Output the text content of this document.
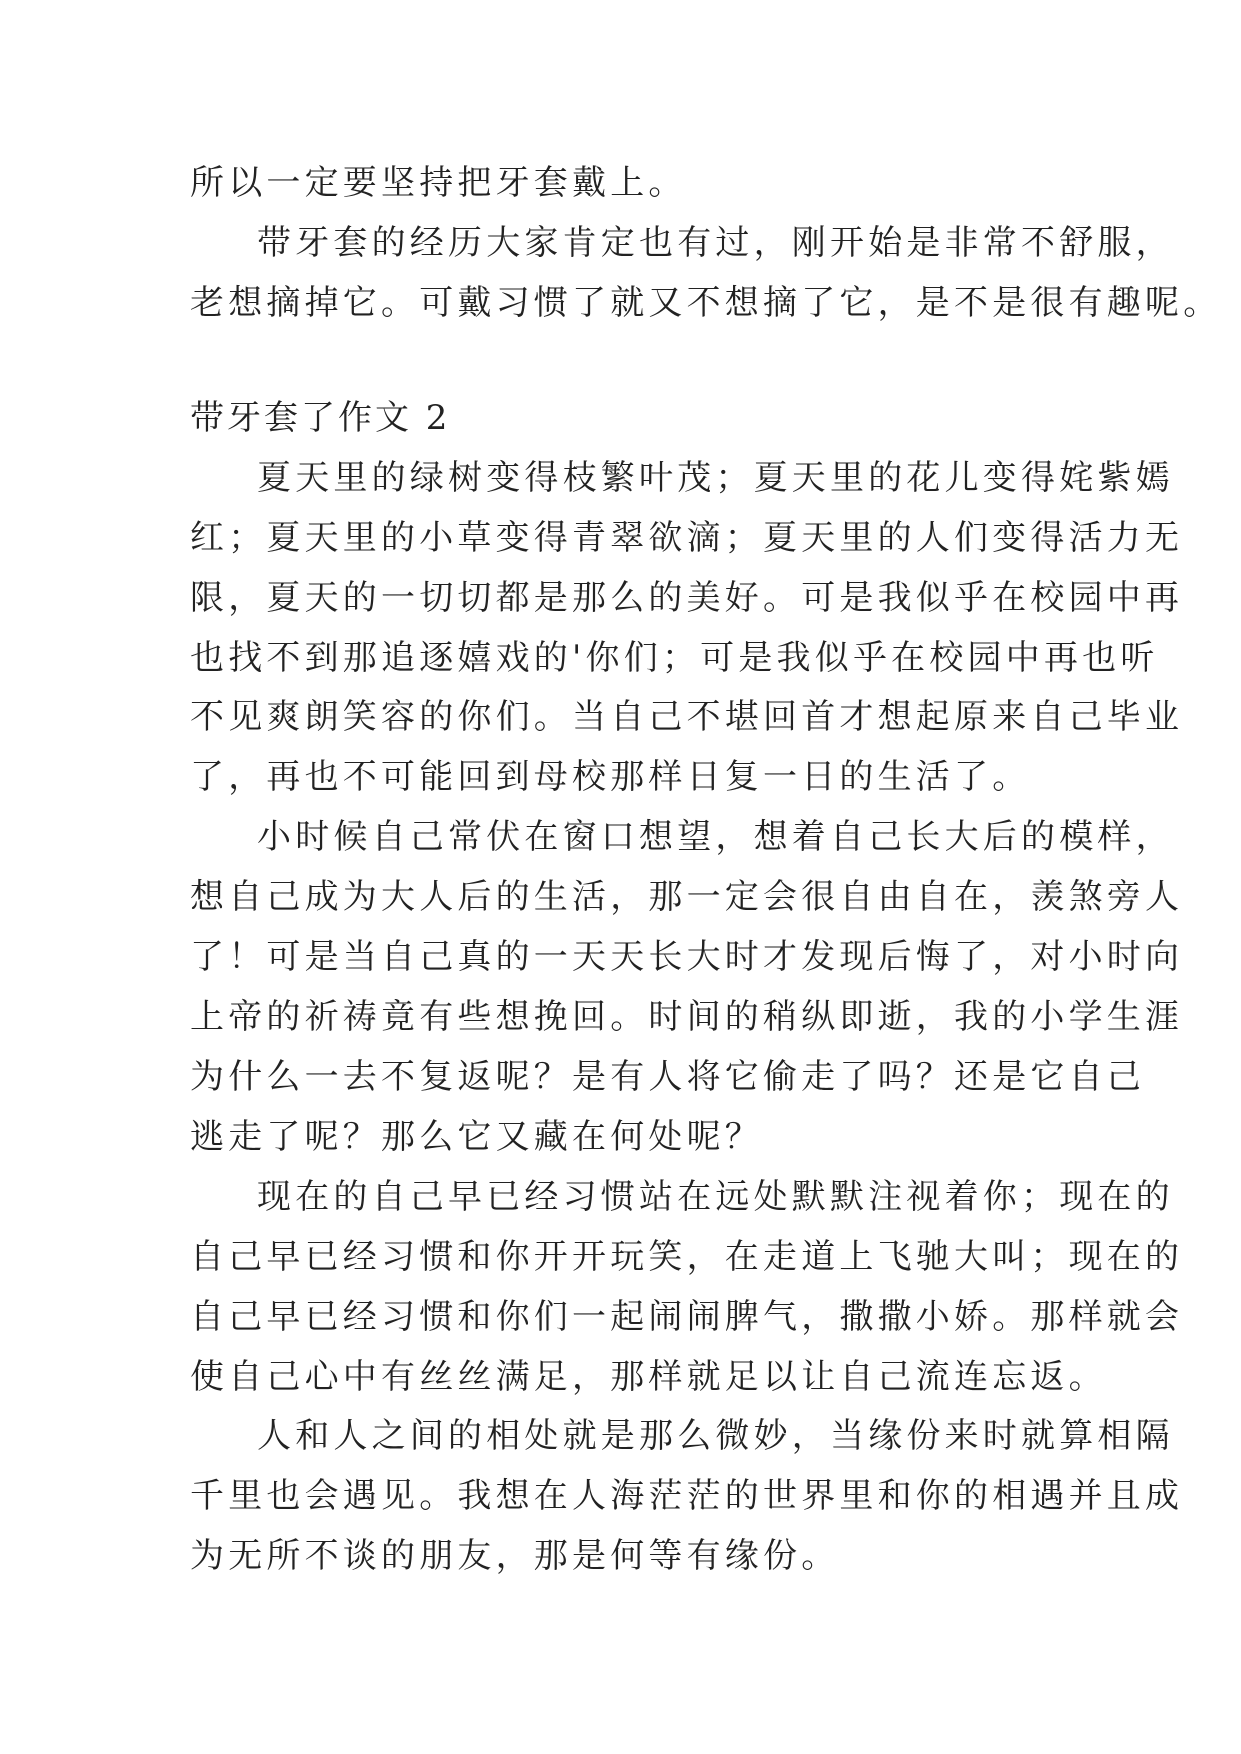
所以一定要坚持把牙套戴上。
带牙套的经历大家肯定也有过，刚开始是非常不舒服，
老想摘掉它。可戴习惯了就又不想摘了它，是不是很有趣呢。
带牙套了作文 2
夏天里的绿树变得枝繁叶茂；夏天里的花儿变得姹紫嫣
红；夏天里的小草变得青翠欲滴；夏天里的人们变得活力无
限，夏天的一切切都是那么的美好。可是我似乎在校园中再
也找不到那追逐嬉戏的'你们；可是我似乎在校园中再也听
不见爽朗笑容的你们。当自己不堪回首才想起原来自己毕业
了，再也不可能回到母校那样日复一日的生活了。
小时候自己常伏在窗口想望，想着自己长大后的模样，
想自己成为大人后的生活，那一定会很自由自在，羡煞旁人
了！可是当自己真的一天天长大时才发现后悔了，对小时向
上帝的祈祷竟有些想挽回。时间的稍纵即逝，我的小学生涯
为什么一去不复返呢？是有人将它偷走了吗？还是它自己
逃走了呢？那么它又藏在何处呢？
现在的自己早已经习惯站在远处默默注视着你；现在的
自己早已经习惯和你开开玩笑，在走道上飞驰大叫；现在的
自己早已经习惯和你们一起闹闹脾气，撒撒小娇。那样就会
使自己心中有丝丝满足，那样就足以让自己流连忘返。
人和人之间的相处就是那么微妙，当缘份来时就算相隔
千里也会遇见。我想在人海茫茫的世界里和你的相遇并且成
为无所不谈的朋友，那是何等有缘份。
